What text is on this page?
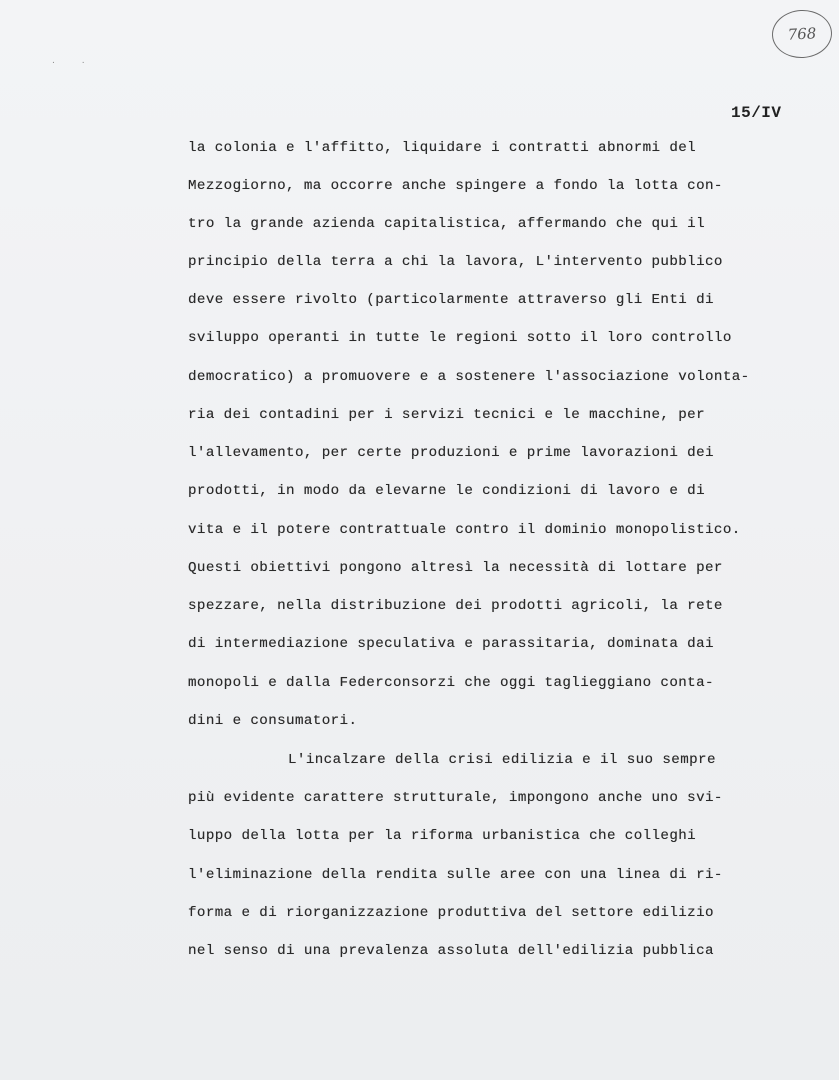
768
. .
15/IV
la colonia e l'affitto, liquidare i contratti abnormi del
Mezzogiorno, ma occorre anche spingere a fondo la lotta con-
tro la grande azienda capitalistica, affermando che qui il
principio della terra a chi la lavora, L'intervento pubblico
deve essere rivolto (particolarmente attraverso gli Enti di
sviluppo operanti in tutte le regioni sotto il loro controllo
democratico) a promuovere e a sostenere l'associazione volonta-
ria dei contadini per i servizi tecnici e le macchine, per
l'allevamento, per certe produzioni e prime lavorazioni dei
prodotti, in modo da elevarne le condizioni di lavoro e di
vita e il potere contrattuale contro il dominio monopolistico.
Questi obiettivi pongono altresì la necessità di lottare per
spezzare, nella distribuzione dei prodotti agricoli, la rete
di intermediazione speculativa e parassitaria, dominata dai
monopoli e dalla Federconsorzi che oggi taglieggiano conta-
dini e consumatori.
L'incalzare della crisi edilizia e il suo sempre
più evidente carattere strutturale, impongono anche uno svi-
luppo della lotta per la riforma urbanistica che colleghi
l'eliminazione della rendita sulle aree con una linea di ri-
forma e di riorganizzazione produttiva del settore edilizio
nel senso di una prevalenza assoluta dell'edilizia pubblica
